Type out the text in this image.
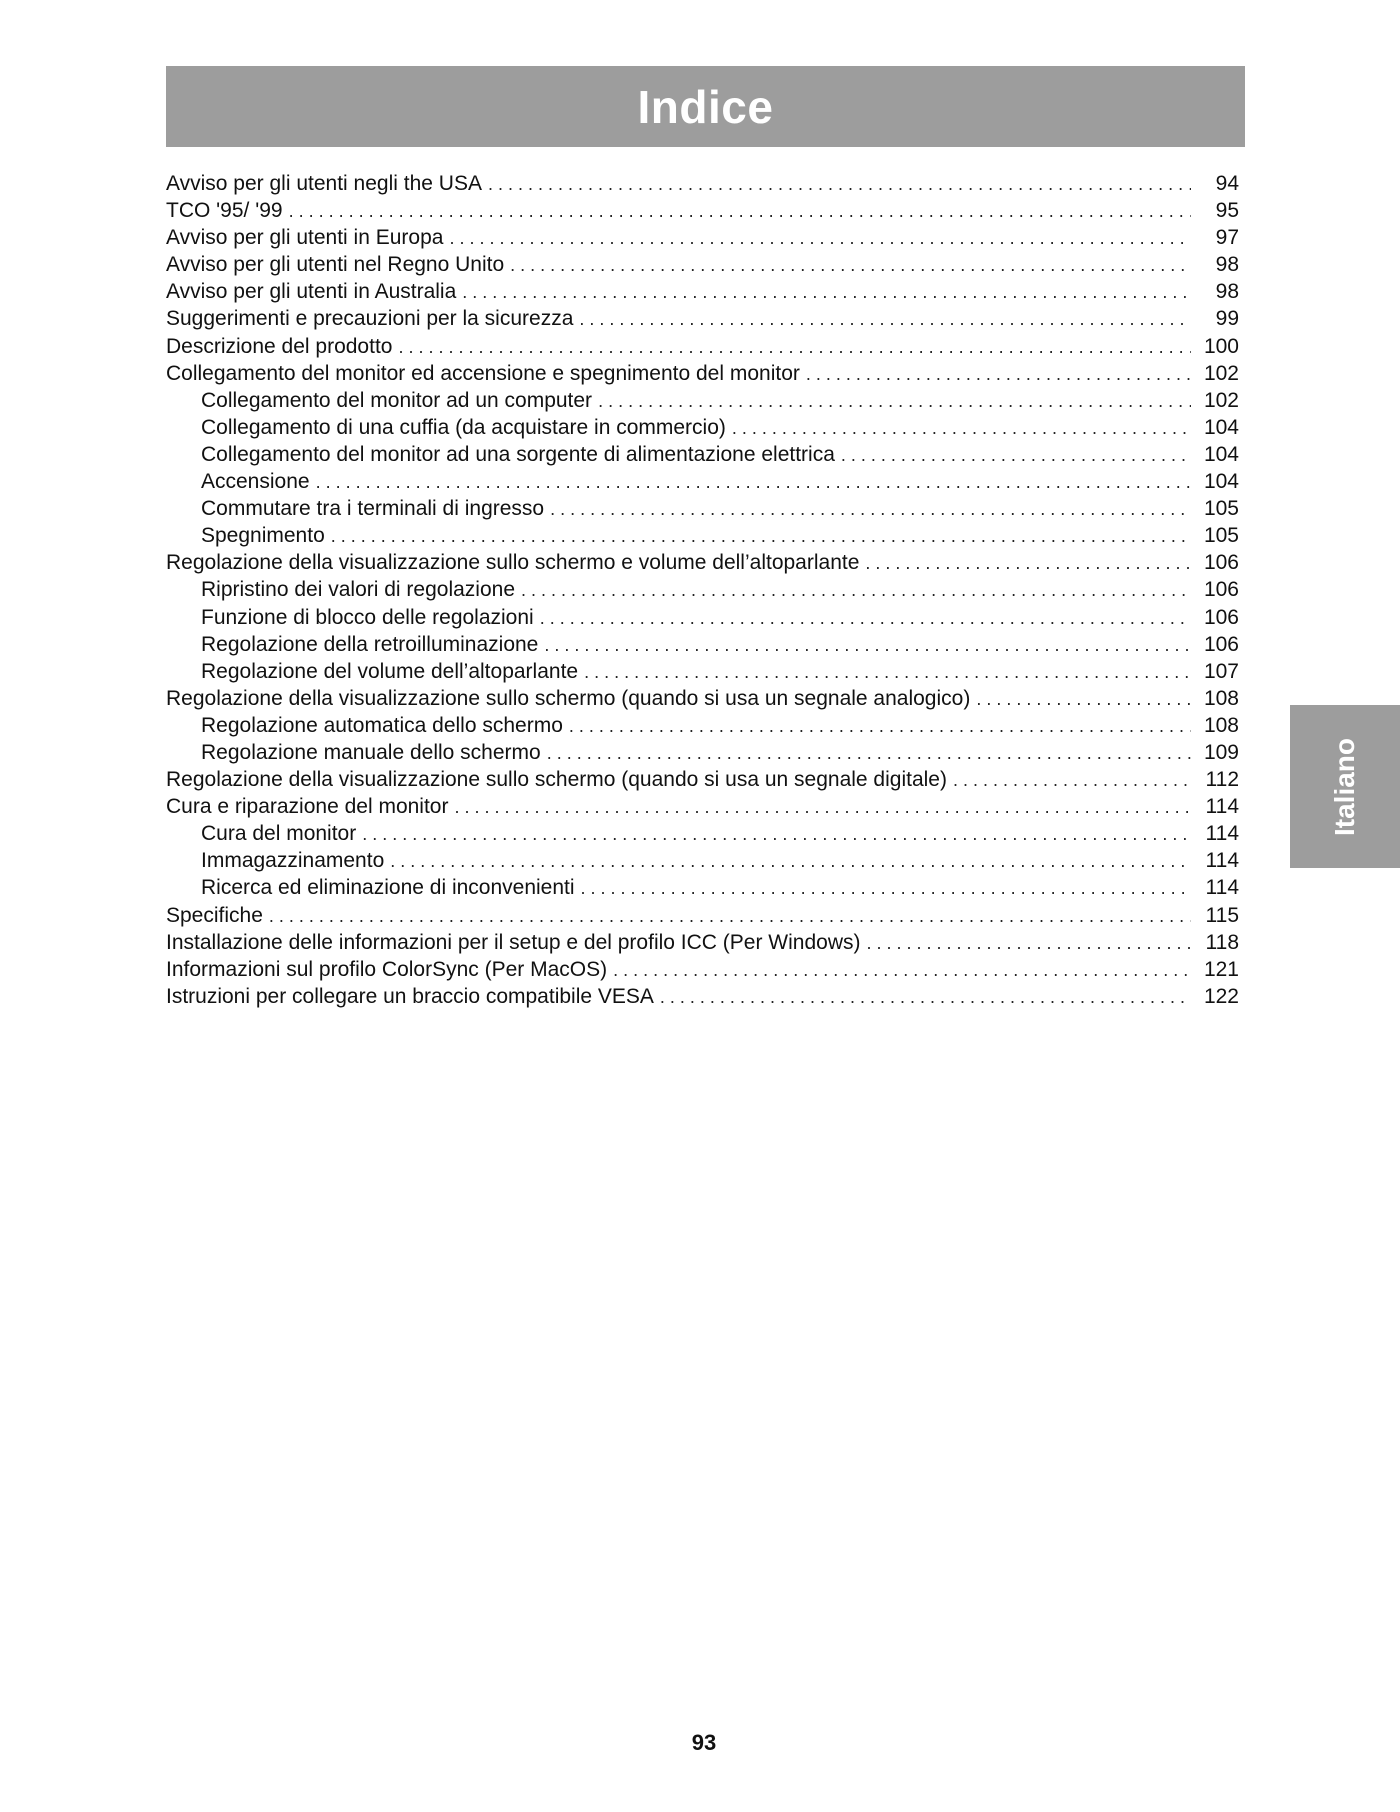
Indice
Avviso per gli utenti negli the USA . . .	94
TCO '95/ '99 . . .	95
Avviso per gli utenti in Europa . . .	97
Avviso per gli utenti nel Regno Unito . . .	98
Avviso per gli utenti in Australia . . .	98
Suggerimenti e precauzioni per la sicurezza . . .	99
Descrizione del prodotto . . .	100
Collegamento del monitor ed accensione e spegnimento del monitor . . .	102
Collegamento del monitor ad un computer . . .	102
Collegamento di una cuffia (da acquistare in commercio) . . .	104
Collegamento del monitor ad una sorgente di alimentazione elettrica . . .	104
Accensione . . .	104
Commutare tra i terminali di ingresso . . .	105
Spegnimento . . .	105
Regolazione della visualizzazione sullo schermo e volume dell’altoparlante . . .	106
Ripristino dei valori di regolazione . . .	106
Funzione di blocco delle regolazioni . . .	106
Regolazione della retroilluminazione . . .	106
Regolazione del volume dell’altoparlante . . .	107
Regolazione della visualizzazione sullo schermo (quando si usa un segnale analogico) . . .	108
Regolazione automatica dello schermo . . .	108
Regolazione manuale dello schermo . . .	109
Regolazione della visualizzazione sullo schermo (quando si usa un segnale digitale) . . .	112
Cura e riparazione del monitor . . .	114
Cura del monitor . . .	114
Immagazzinamento . . .	114
Ricerca ed eliminazione di inconvenienti . . .	114
Specifiche . . .	115
Installazione delle informazioni per il setup e del profilo ICC (Per Windows) . . .	118
Informazioni sul profilo ColorSync (Per MacOS) . . .	121
Istruzioni per collegare un braccio compatibile VESA . . .	122
Italiano
93
